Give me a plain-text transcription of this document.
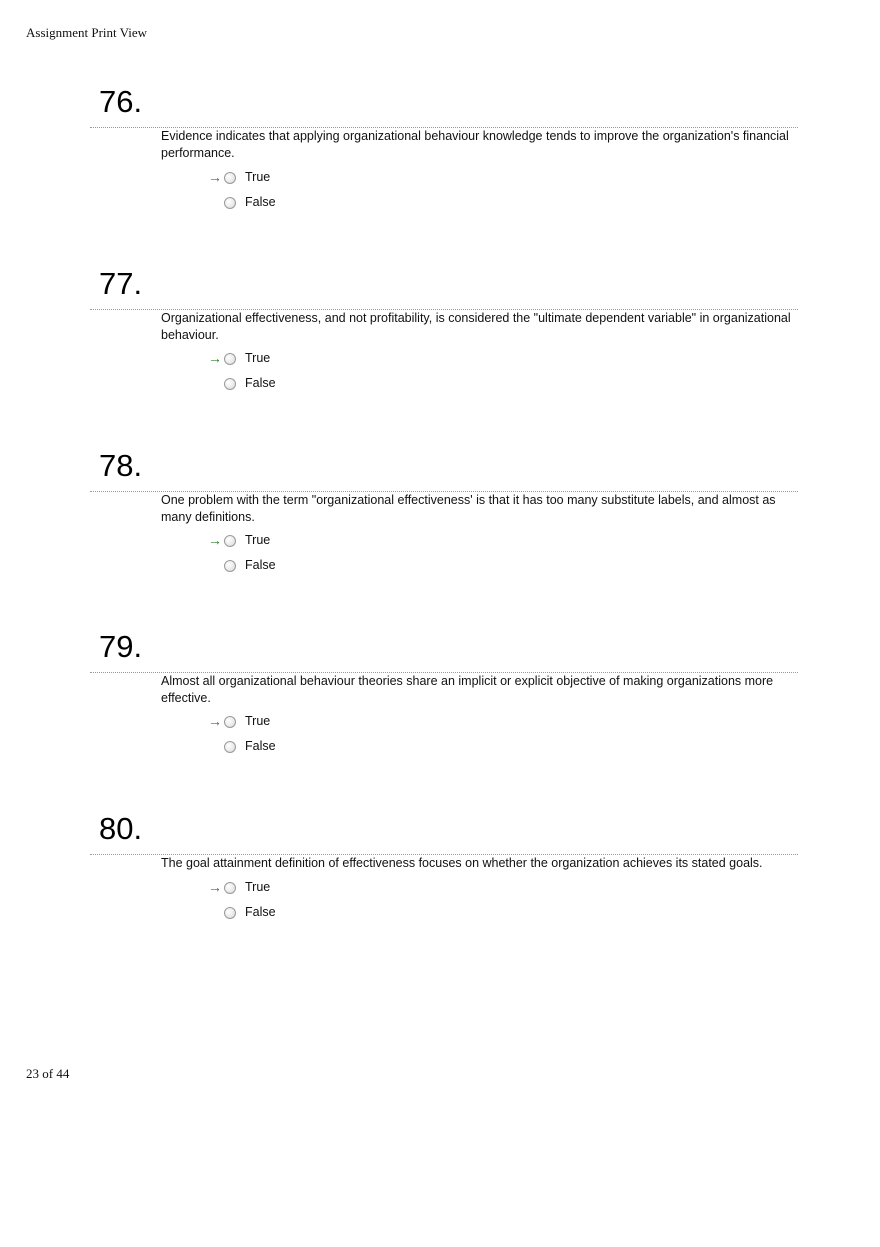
Assignment Print View
76.
Evidence indicates that applying organizational behaviour knowledge tends to improve the organization's financial performance.
→ True
False
77.
Organizational effectiveness, and not profitability, is considered the "ultimate dependent variable" in organizational behaviour.
→ True
False
78.
One problem with the term "organizational effectiveness' is that it has too many substitute labels, and almost as many definitions.
→ True
False
79.
Almost all organizational behaviour theories share an implicit or explicit objective of making organizations more effective.
→ True
False
80.
The goal attainment definition of effectiveness focuses on whether the organization achieves its stated goals.
→ True
False
23 of 44
